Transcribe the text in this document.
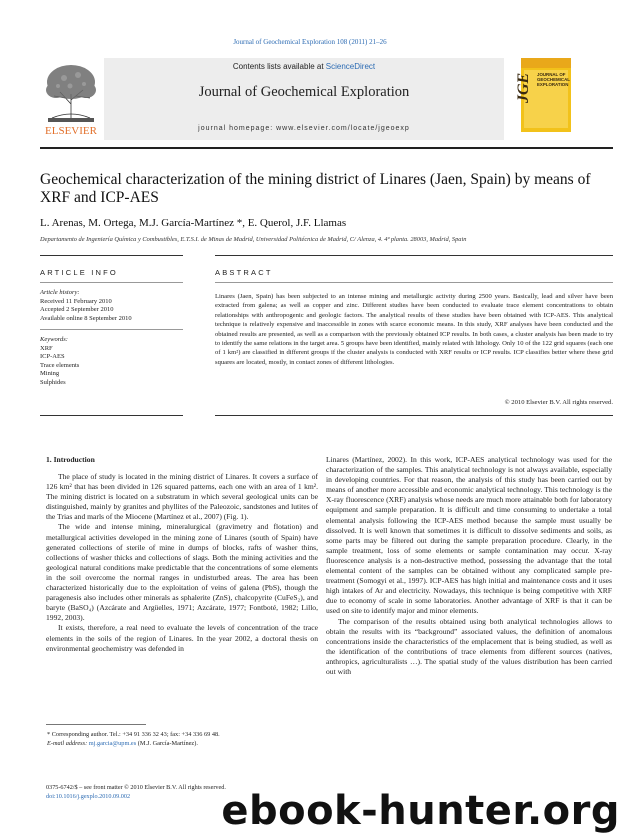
Journal of Geochemical Exploration 108 (2011) 21–26
ELSEVIER
Contents lists available at ScienceDirect
Journal of Geochemical Exploration
journal homepage: www.elsevier.com/locate/jgeoexp
JGE JOURNAL OF GEOCHEMICAL EXPLORATION
Geochemical characterization of the mining district of Linares (Jaen, Spain) by means of XRF and ICP-AES
L. Arenas, M. Ortega, M.J. García-Martínez *, E. Querol, J.F. Llamas
Departamento de Ingeniería Química y Combustibles, E.T.S.I. de Minas de Madrid, Universidad Politécnica de Madrid, C/ Alenza, 4. 4ª planta. 28003, Madrid, Spain
ARTICLE INFO
Article history:
Received 11 February 2010
Accepted 2 September 2010
Available online 8 September 2010
Keywords:
XRF
ICP-AES
Trace elements
Mining
Sulphides
ABSTRACT
Linares (Jaen, Spain) has been subjected to an intense mining and metallurgic activity during 2500 years. Basically, lead and silver have been extracted from galena; as well as copper and zinc. Different studies have been conducted to evaluate trace element concentrations to obtain relationships with anthropogenic and geologic factors. The analytical results of these studies have been obtained with ICP-AES. This analytical technique is relatively expensive and inaccessible in zones with scarce economic means. In this study, XRF analyses have been conducted and the obtained results are presented, as well as a comparison with the previously obtained ICP results. In both cases, a cluster analysis has been made to try to identify the same relations in the target area. 5 groups have been identified, mainly related with lithology. Only 10 of the 122 grid squares (each one of 1 km²) are classified in different groups if the cluster analysis is conducted with XRF results or ICP results. ICP classifies better where these grid squares are located, mostly, in contact zones of different lithologies.
© 2010 Elsevier B.V. All rights reserved.
1. Introduction

The place of study is located in the mining district of Linares. It covers a surface of 126 km² that has been divided in 126 squared patterns, each one with an area of 1 km². The mining district is located on a substratum in which several geological units can be distinguished, mainly by granites and phyllites of the Paleozoic, sandstones and lutites of the Trias and marls of the Miocene (Martínez et al., 2007) (Fig. 1).

The wide and intense mining, mineralurgical (gravimetry and flotation) and metallurgical activities developed in the mining zone of Linares (south of Spain) have generated collections of sterile of mine in dumps of blocks, rafts of washer thins, collections of washer thicks and collections of slags. Both the mining activities and the geological natural conditions make predictable that the concentrations of some elements in the soil overcome the normal ranges in undisturbed areas. The area has been characterized historically due to the exploitation of veins of galena (PbS), though the paragenesis also includes other minerals as sphalerite (ZnS), chalcopyrite (CuFeS₂), and baryte (BaSO₄) (Azcárate and Argüelles, 1971; Azcárate, 1977; Fontboté, 1982; Lillo, 1992, 2003).

It exists, therefore, a real need to evaluate the levels of concentration of the trace elements in the soils of the region of Linares. In the year 2002, a doctoral thesis on environmental geochemistry was defended in

Linares (Martínez, 2002). In this work, ICP-AES analytical technology was used for the characterization of the samples. This analytical technology is not always available, especially in developing countries. For that reason, the analysis of this study has been carried out by means of another more accessible and economic analytical technology. This technology is the X-ray fluorescence (XRF) analysis whose needs are much more attainable both for laboratory equipment and sample preparation. It is difficult and time consuming to undertake a total elemental analysis following the ICP-AES method because the sample must usually be dissolved. It is well known that sometimes it is difficult to dissolve sediments and soils, as some parts may be filtered out during the sample preparation procedure. Clearly, in the sample treatment, loss of some elements or sample contamination may occur. X-ray fluorescence analysis is a non-destructive method, possessing the advantage that the total elemental content of the samples can be obtained without any complicated sample pre-treatment (Somogyi et al., 1997). ICP-AES has high initial and maintenance costs and it uses high intakes of Ar and electricity. Nowadays, this technique is being competitive with XRF due to economy of scale in some laboratories. Another advantage of XRF is that it can be used on site to identify major and minor elements.

The comparison of the results obtained using both analytical technologies allows to obtain the results with its “background” associated values, the definition of anomalous concentrations inside the characteristics of the emplacement that is being studied, as well as the identification of the contributions of trace elements from different sources (natives, anthropics, agriculturalists …). The spatial study of the values distribution has been carried out with

* Corresponding author. Tel.: +34 91 336 32 43; fax: +34 336 69 48.
E-mail address: mj.garcia@upm.es (M.J. García-Martínez).
0375-6742/$ – see front matter © 2010 Elsevier B.V. All rights reserved.
doi:10.1016/j.gexplo.2010.09.002	ebook-hunter.org
